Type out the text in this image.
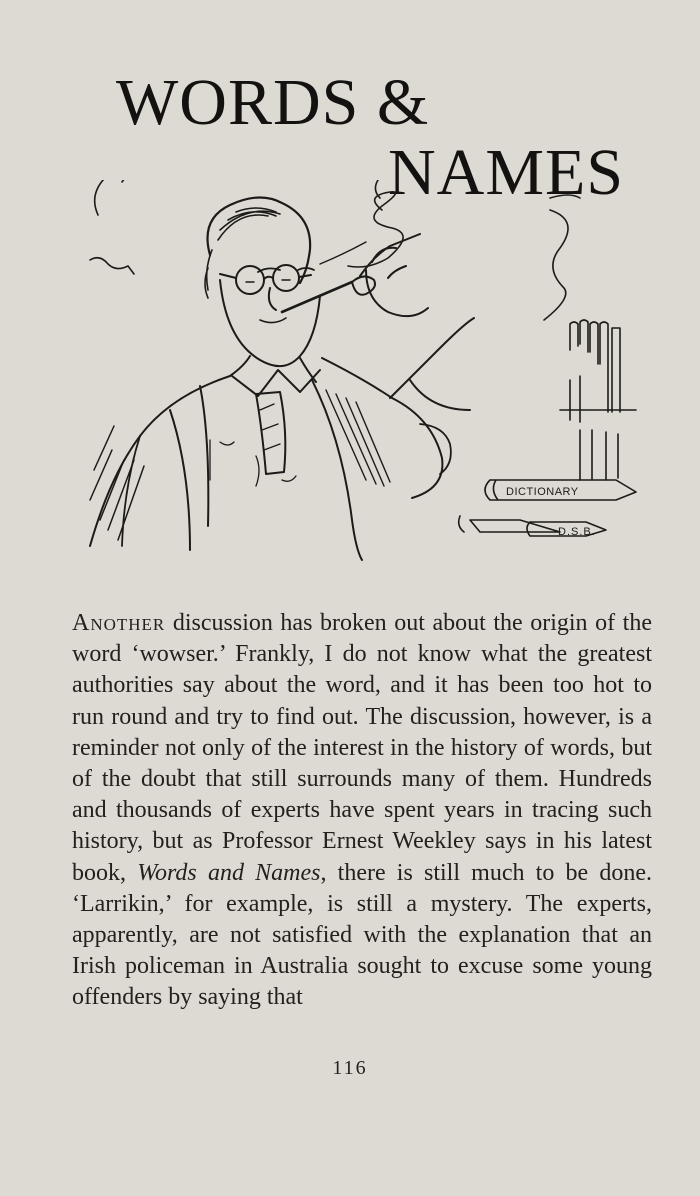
WORDS &
NAMES
DICTIONARY
D.S.B.

Another discussion has broken out about the origin of the word ‘wowser.’ Frankly, I do not know what the greatest authorities say about the word, and it has been too hot to run round and try to find out. The discussion, however, is a reminder not only of the interest in the history of words, but of the doubt that still surrounds many of them. Hundreds and thousands of experts have spent years in tracing such history, but as Professor Ernest Weekley says in his latest book, Words and Names, there is still much to be done. ‘Larrikin,’ for example, is still a mystery. The experts, apparently, are not satisfied with the explanation that an Irish policeman in Australia sought to excuse some young offenders by saying that

116
